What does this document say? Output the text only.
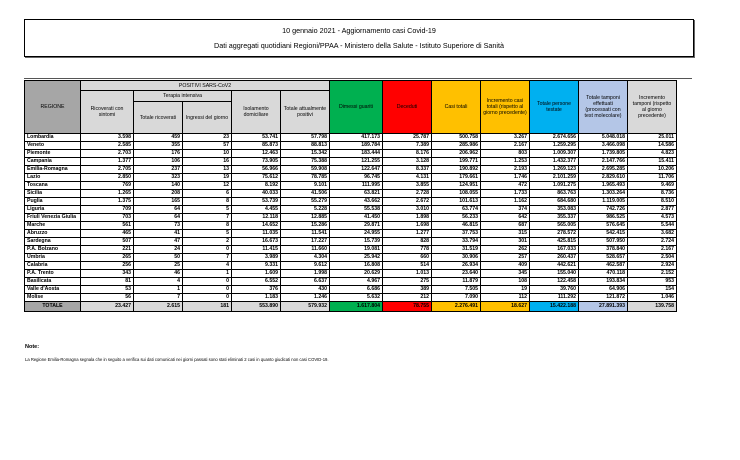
10 gennaio 2021 - Aggiornamento casi Covid-19
Dati aggregati quotidiani Regioni/PPAA - Ministero della Salute - Istituto Superiore di Sanità
REGIONE	POSITIVI SARS-CoV2					Dimessi guariti	Deceduti	Casi totali	Incremento casi totali (rispetto al giorno precedente)	Totale persone testate	Totale tamponi effettuati (processati con test molecolare)	Incremento tamponi (rispetto al giorno precedente)
	Ricoverati con sintomi	Terapia intensiva		Isolamento domiciliare	Totale attualmente positivi							
		Totale ricoverati	Ingressi del giorno									
Lombardia	3.598	459	23	53.741	57.798	417.173	25.787	500.758	3.267	2.674.656	5.048.018	25.011
Veneto	2.585	355	57	85.873	88.813	189.784	7.389	285.986	2.167	1.259.295	3.466.098	14.586
Piemonte	2.703	176	10	12.463	15.342	183.444	8.176	206.962	803	1.009.307	1.739.805	4.823
Campania	1.377	106	16	73.905	75.388	121.255	3.128	199.771	1.253	1.432.377	2.147.766	15.411
Emilia-Romagna	2.705	237	13	56.966	59.908	122.647	8.337	190.892	2.193	1.269.123	2.695.285	10.206
Lazio	2.850	323	19	75.612	78.785	96.745	4.131	179.661	1.746	2.101.259	2.829.610	11.706
Toscana	769	140	12	8.192	9.101	111.995	3.855	124.951	472	1.091.275	1.965.493	9.469
Sicilia	1.265	208	6	40.033	41.506	63.821	2.728	108.055	1.733	863.763	1.303.264	8.736
Puglia	1.375	165	8	53.739	55.279	43.662	2.672	101.613	1.162	684.680	1.119.005	8.510
Liguria	709	64	5	4.455	5.228	55.538	3.010	63.774	374	353.083	742.726	2.877
Friuli Venezia Giulia	703	64	7	12.118	12.885	41.450	1.898	56.233	642	355.337	986.525	4.573
Marche	561	73	8	14.652	15.286	29.871	1.698	46.815	687	565.005	576.645	5.544
Abruzzo	465	41	5	11.035	11.541	24.955	1.277	37.753	315	278.572	542.415	3.682
Sardegna	507	47	2	16.673	17.227	15.739	828	33.794	301	425.815	507.950	2.724
P.A. Bolzano	221	24	0	11.415	11.660	19.081	778	31.519	262	167.033	378.840	2.167
Umbria	265	50	7	3.989	4.304	25.942	660	30.906	257	260.437	528.657	2.504
Calabria	256	25	4	9.331	9.612	16.808	514	26.934	409	442.621	462.587	2.924
P.A. Trento	343	46	1	1.609	1.998	20.629	1.013	23.640	345	155.040	470.118	2.152
Basilicata	81	4	0	6.552	6.637	4.967	275	11.879	108	122.458	193.834	953
Valle d'Aosta	53	1	0	376	430	6.686	389	7.505	19	39.760	64.906	154
Molise	56	7	0	1.183	1.246	5.632	212	7.090	112	111.292	121.872	1.046
TOTALE	23.427	2.615	181	553.890	579.932	1.617.804	78.755	2.276.491	18.627	15.422.188	27.891.393	139.758
Note:
La Regione Emilia-Romagna segnala che in seguito a verifica sui dati comunicati nei giorni passati sono stati eliminati 2 casi in quanto giudicati non casi COVID-19.
